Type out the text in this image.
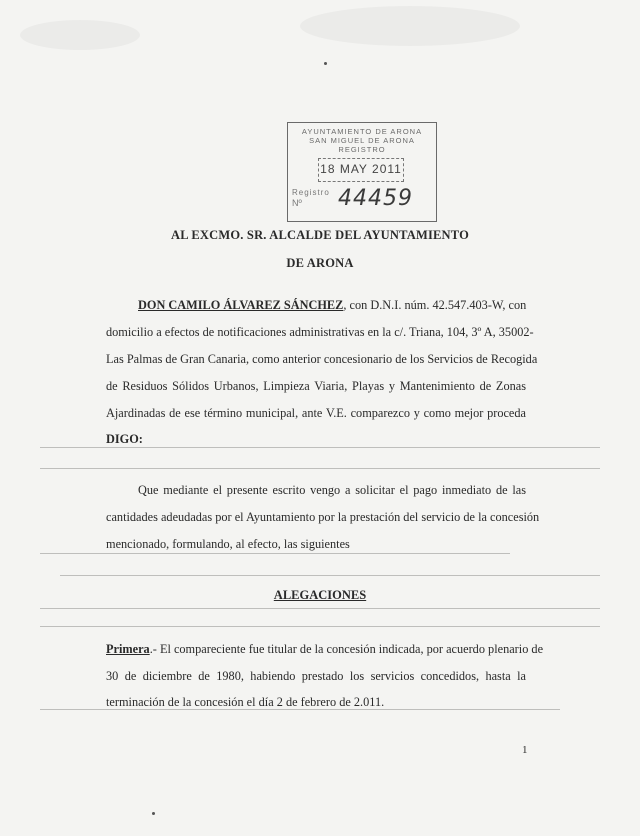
AYUNTAMIENTO DE ARONA
SAN MIGUEL DE ARONA
REGISTRO
18 MAY 2011
Registro
Nº 44459
AL EXCMO. SR. ALCALDE DEL AYUNTAMIENTO
DE ARONA
DON CAMILO ÁLVAREZ SÁNCHEZ, con D.N.I. núm. 42.547.403-W, con
domicilio a efectos de notificaciones administrativas en la c/. Triana, 104, 3º A, 35002-
Las Palmas de Gran Canaria, como anterior concesionario de los Servicios de Recogida
de Residuos Sólidos Urbanos, Limpieza Viaria, Playas y Mantenimiento de Zonas
Ajardinadas de ese término municipal, ante V.E. comparezco y como mejor proceda
DIGO:
Que mediante el presente escrito vengo a solicitar el pago inmediato de las
cantidades adeudadas por el Ayuntamiento por la prestación del servicio de la concesión
mencionado, formulando, al efecto, las siguientes
ALEGACIONES
Primera.- El compareciente fue titular de la concesión indicada, por acuerdo plenario de
30 de diciembre de 1980, habiendo prestado los servicios concedidos, hasta la
terminación de la concesión el día 2 de febrero de 2.011.
1
